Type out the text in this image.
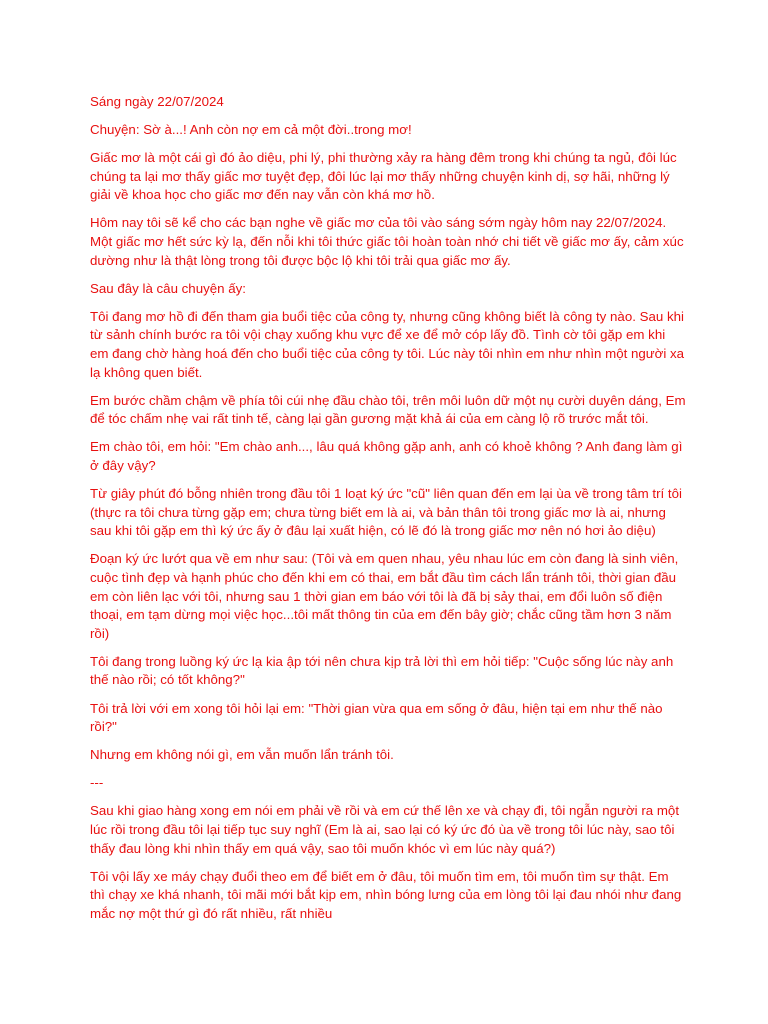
Sáng ngày 22/07/2024

Chuyện: Sờ à...! Anh còn nợ em cả một đời..trong mơ!

Giấc mơ là một cái gì đó ảo diệu, phi lý, phi thường xảy ra hàng đêm trong khi chúng ta ngủ, đôi lúc chúng ta lại mơ thấy giấc mơ tuyệt đẹp, đôi lúc lại mơ thấy những chuyện kinh dị, sợ hãi, những lý giải về khoa học cho giấc mơ đến nay vẫn còn khá mơ hồ.

Hôm nay tôi sẽ kể cho các bạn nghe về giấc mơ của tôi vào sáng sớm ngày hôm nay 22/07/2024. Một giấc mơ hết sức kỳ lạ, đến nỗi khi tôi thức giấc tôi hoàn toàn nhớ chi tiết về giấc mơ ấy, cảm xúc dường như là thật lòng trong tôi được bộc lộ khi tôi trải qua giấc mơ ấy.

Sau đây là câu chuyện ấy:

Tôi đang mơ hồ đi đến tham gia buổi tiệc của công ty, nhưng cũng không biết là công ty nào. Sau khi từ sảnh chính bước ra tôi vội chạy xuống khu vực để xe để mở cóp lấy đồ. Tình cờ tôi gặp em khi em đang chờ hàng hoá đến cho buổi tiệc của công ty tôi. Lúc này tôi nhìn em như nhìn một người xa lạ không quen biết.

Em bước chầm chậm về phía tôi cúi nhẹ đầu chào tôi, trên môi luôn dữ một nụ cười duyên dáng, Em để tóc chấm nhẹ vai rất tinh tế, càng lại gần gương mặt khả ái của em càng lộ rõ trước mắt tôi.

Em chào tôi, em hỏi: "Em chào anh..., lâu quá không gặp anh, anh có khoẻ không ? Anh đang làm gì ở đây vậy?

Từ giây phút đó bỗng nhiên trong đầu tôi 1 loạt ký ức "cũ" liên quan đến em lại ùa về trong tâm trí tôi (thực ra tôi chưa từng gặp em; chưa từng biết em là ai, và bản thân tôi trong giấc mơ là ai, nhưng sau khi tôi gặp em thì ký ức ấy ở đâu lại xuất hiện, có lẽ đó là trong giấc mơ nên nó hơi ảo diệu)

Đoạn ký ức lướt qua về em như sau: (Tôi và em quen nhau, yêu nhau lúc em còn đang là sinh viên, cuộc tình đẹp và hạnh phúc cho đến khi em có thai, em bắt đầu tìm cách lẩn tránh tôi, thời gian đầu em còn liên lạc với tôi, nhưng sau 1 thời gian em báo với tôi là đã bị sảy thai, em đổi luôn số điện thoại, em tạm dừng mọi việc học...tôi mất thông tin của em đến bây giờ; chắc cũng tầm hơn 3 năm rồi)

Tôi đang trong luồng ký ức lạ kia ập tới nên chưa kịp trả lời thì em hỏi tiếp: "Cuộc sống lúc này anh thế nào rồi; có tốt không?"

Tôi trả lời với em xong tôi hỏi lại em: "Thời gian vừa qua em sống ở đâu, hiện tại em như thế nào rồi?"

Nhưng em không nói gì, em vẫn muốn lẩn tránh tôi.

---

Sau khi giao hàng xong em nói em phải về rồi và em cứ thế lên xe và chạy đi, tôi ngẫn người ra một lúc rồi trong đầu tôi lại tiếp tục suy nghĩ (Em là ai, sao lại có ký ức đó ùa về trong tôi lúc này, sao tôi thấy đau lòng khi nhìn thấy em quá vậy, sao tôi muốn khóc vì em lúc này quá?)

Tôi vội lấy xe máy chạy đuổi theo em để biết em ở đâu, tôi muốn tìm em, tôi muốn tìm sự thật. Em thì chạy xe khá nhanh, tôi mãi mới bắt kịp em, nhìn bóng lưng của em lòng tôi lại đau nhói như đang mắc nợ một thứ gì đó rất nhiều, rất nhiều
